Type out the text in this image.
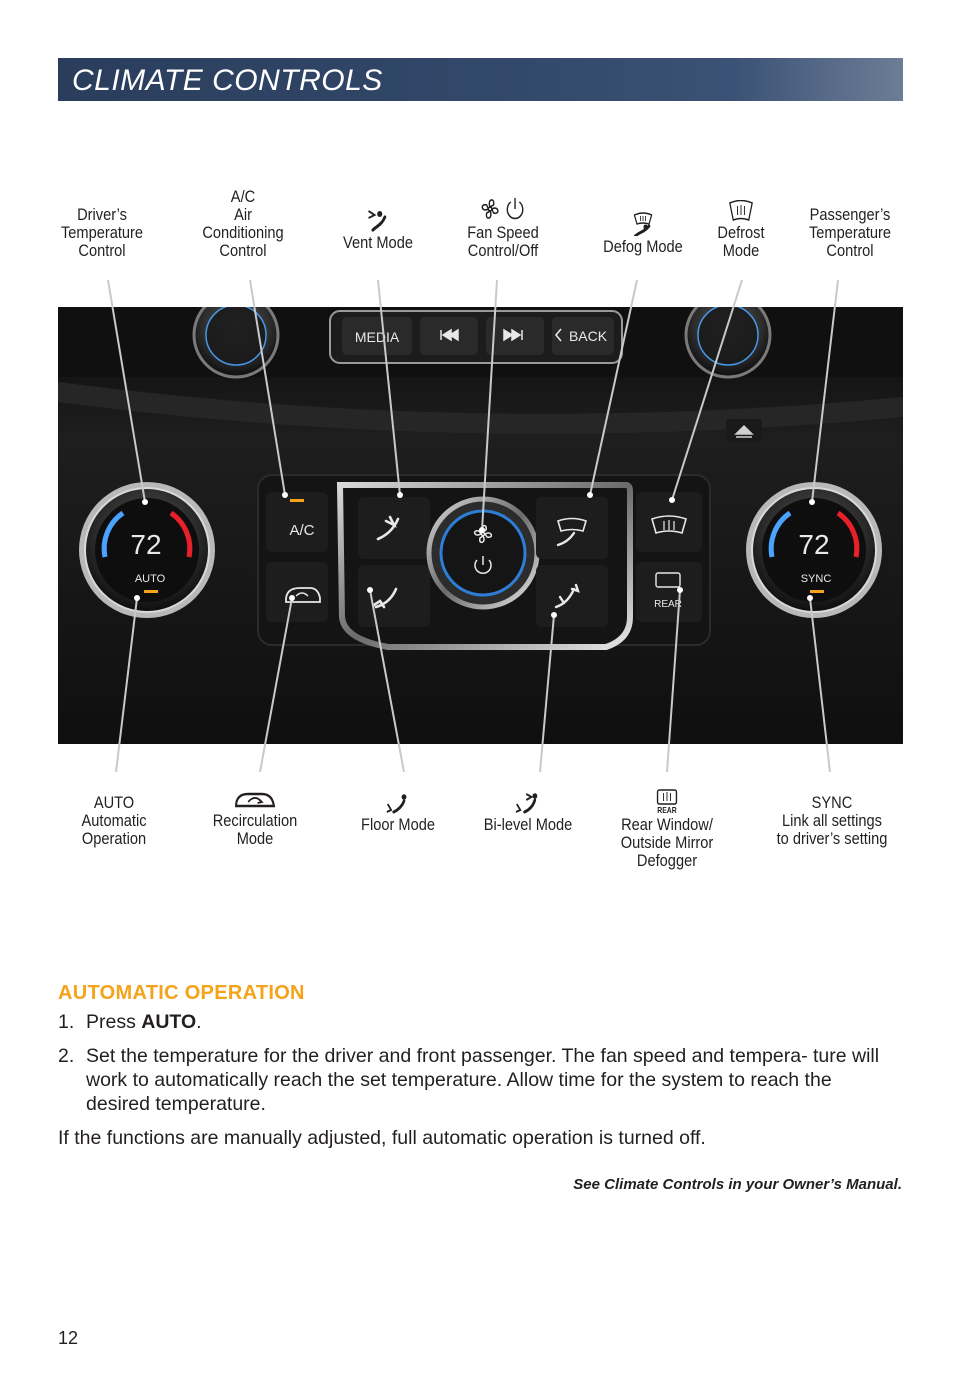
CLIMATE CONTROLS
Driver’s
Temperature
Control
A/C
Air
Conditioning
Control	Vent Mode
Fan Speed
Control/Off	Defog Mode
Defrost
Mode
Passenger’s
Temperature
Control
MEDIA	BACK
72
AUTO
72
SYNC
A/C
REAR
AUTO
Automatic
Operation
Recirculation
Mode
Floor Mode	Bi-level Mode
REAR
Rear Window/
Outside Mirror
Defogger
SYNC
Link all settings
to driver’s setting
AUTOMATIC OPERATION
1. Press AUTO.
2. Set the temperature for the driver and front passenger. The fan speed and tempera- ture will work to automatically reach the set temperature. Allow time for the system to reach the desired temperature.
If the functions are manually adjusted, full automatic operation is turned off.
See Climate Controls in your Owner’s Manual.
12
